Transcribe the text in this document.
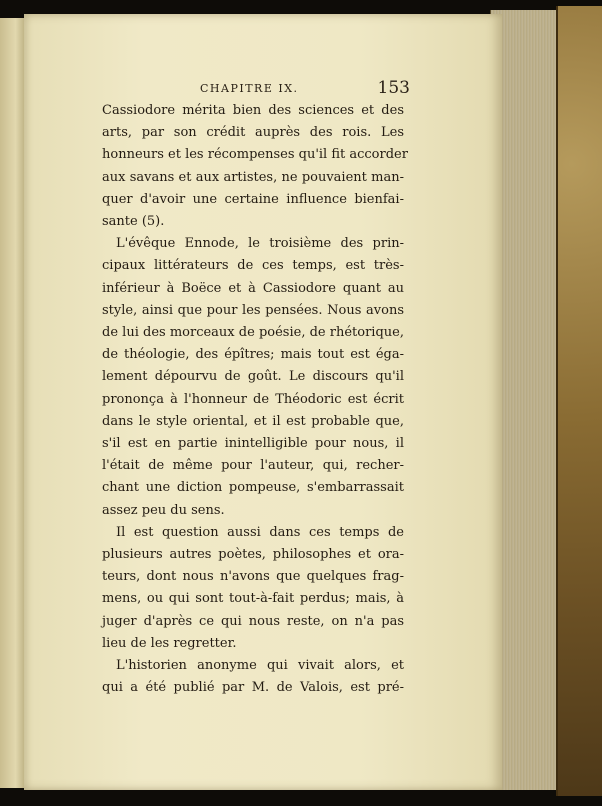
CHAPITRE IX.	153
Cassiodore mérita bien des sciences et des
arts, par son crédit auprès des rois. Les
honneurs et les récompenses qu'il fit accorder
aux savans et aux artistes, ne pouvaient man-
quer d'avoir une certaine influence bienfai-
sante (5).
L'évêque Ennode, le troisième des prin-
cipaux littérateurs de ces temps, est très-
inférieur à Boëce et à Cassiodore quant au
style, ainsi que pour les pensées. Nous avons
de lui des morceaux de poésie, de rhétorique,
de théologie, des épîtres; mais tout est éga-
lement dépourvu de goût. Le discours qu'il
prononça à l'honneur de Théodoric est écrit
dans le style oriental, et il est probable que,
s'il est en partie inintelligible pour nous, il
l'était de même pour l'auteur, qui, recher-
chant une diction pompeuse, s'embarrassait
assez peu du sens.
Il est question aussi dans ces temps de
plusieurs autres poètes, philosophes et ora-
teurs, dont nous n'avons que quelques frag-
mens, ou qui sont tout-à-fait perdus; mais, à
juger d'après ce qui nous reste, on n'a pas
lieu de les regretter.
L'historien anonyme qui vivait alors, et
qui a été publié par M. de Valois, est pré-
